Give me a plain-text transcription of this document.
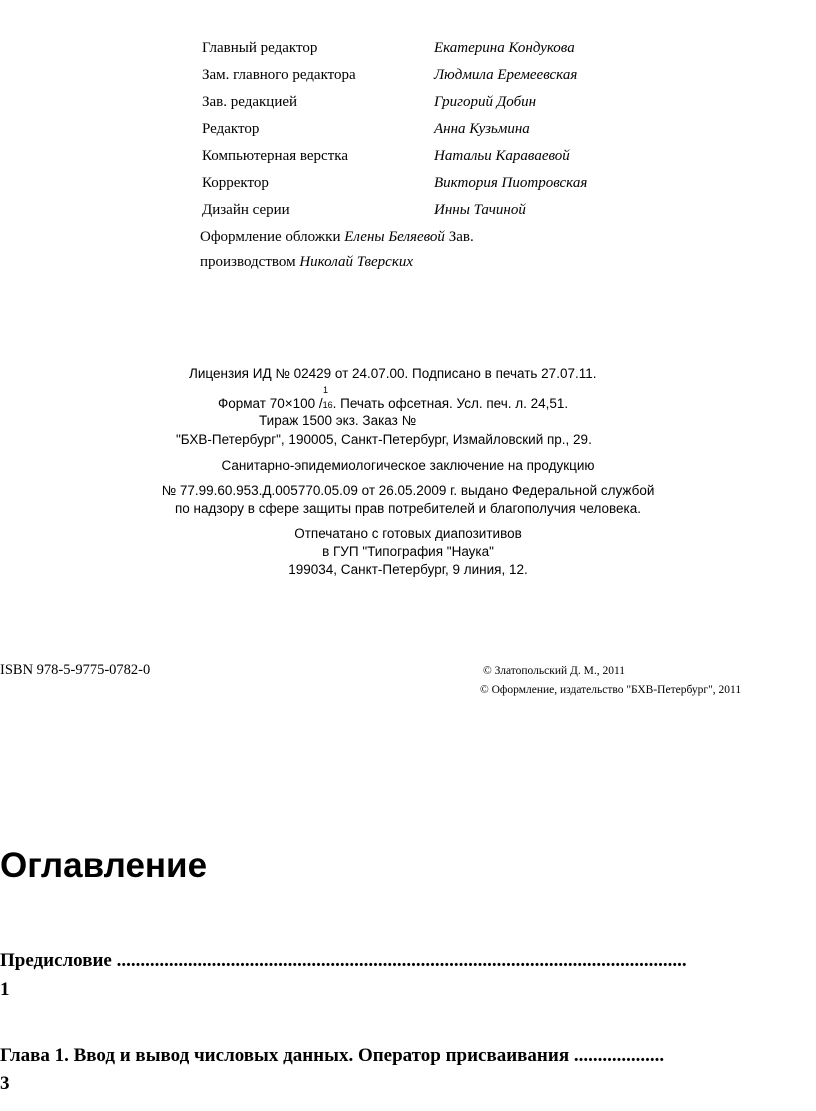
Главный редактор	Екатерина Кондукова
Зам. главного редактора	Людмила Еремеевская
Зав. редакцией	Григорий Добин
Редактор	Анна Кузьмина
Компьютерная верстка	Натальи Караваевой
Корректор	Виктория Пиотровская
Дизайн серии	Инны Тачиной
Оформление обложки Елены Беляевой Зав.
производством Николай Тверских
Лицензия ИД № 02429 от 24.07.00. Подписано в печать 27.07.11.
1
Формат 70×100 /16. Печать офсетная. Усл. печ. л. 24,51.
Тираж 1500 экз. Заказ №
"БХВ-Петербург", 190005, Санкт-Петербург, Измайловский пр., 29.
Санитарно-эпидемиологическое заключение на продукцию
№ 77.99.60.953.Д.005770.05.09 от 26.05.2009 г. выдано Федеральной службой
по надзору в сфере защиты прав потребителей и благополучия человека.
Отпечатано с готовых диапозитивов
в ГУП "Типография "Наука"
199034, Санкт-Петербург, 9 линия, 12.
ISBN 978-5-9775-0782-0	© Златопольский Д. М., 2011
© Оформление, издательство "БХВ-Петербург", 2011
Оглавление
Предисловие ........................................................................................................................
1
Глава 1. Ввод и вывод числовых данных. Оператор присваивания ...................
3
